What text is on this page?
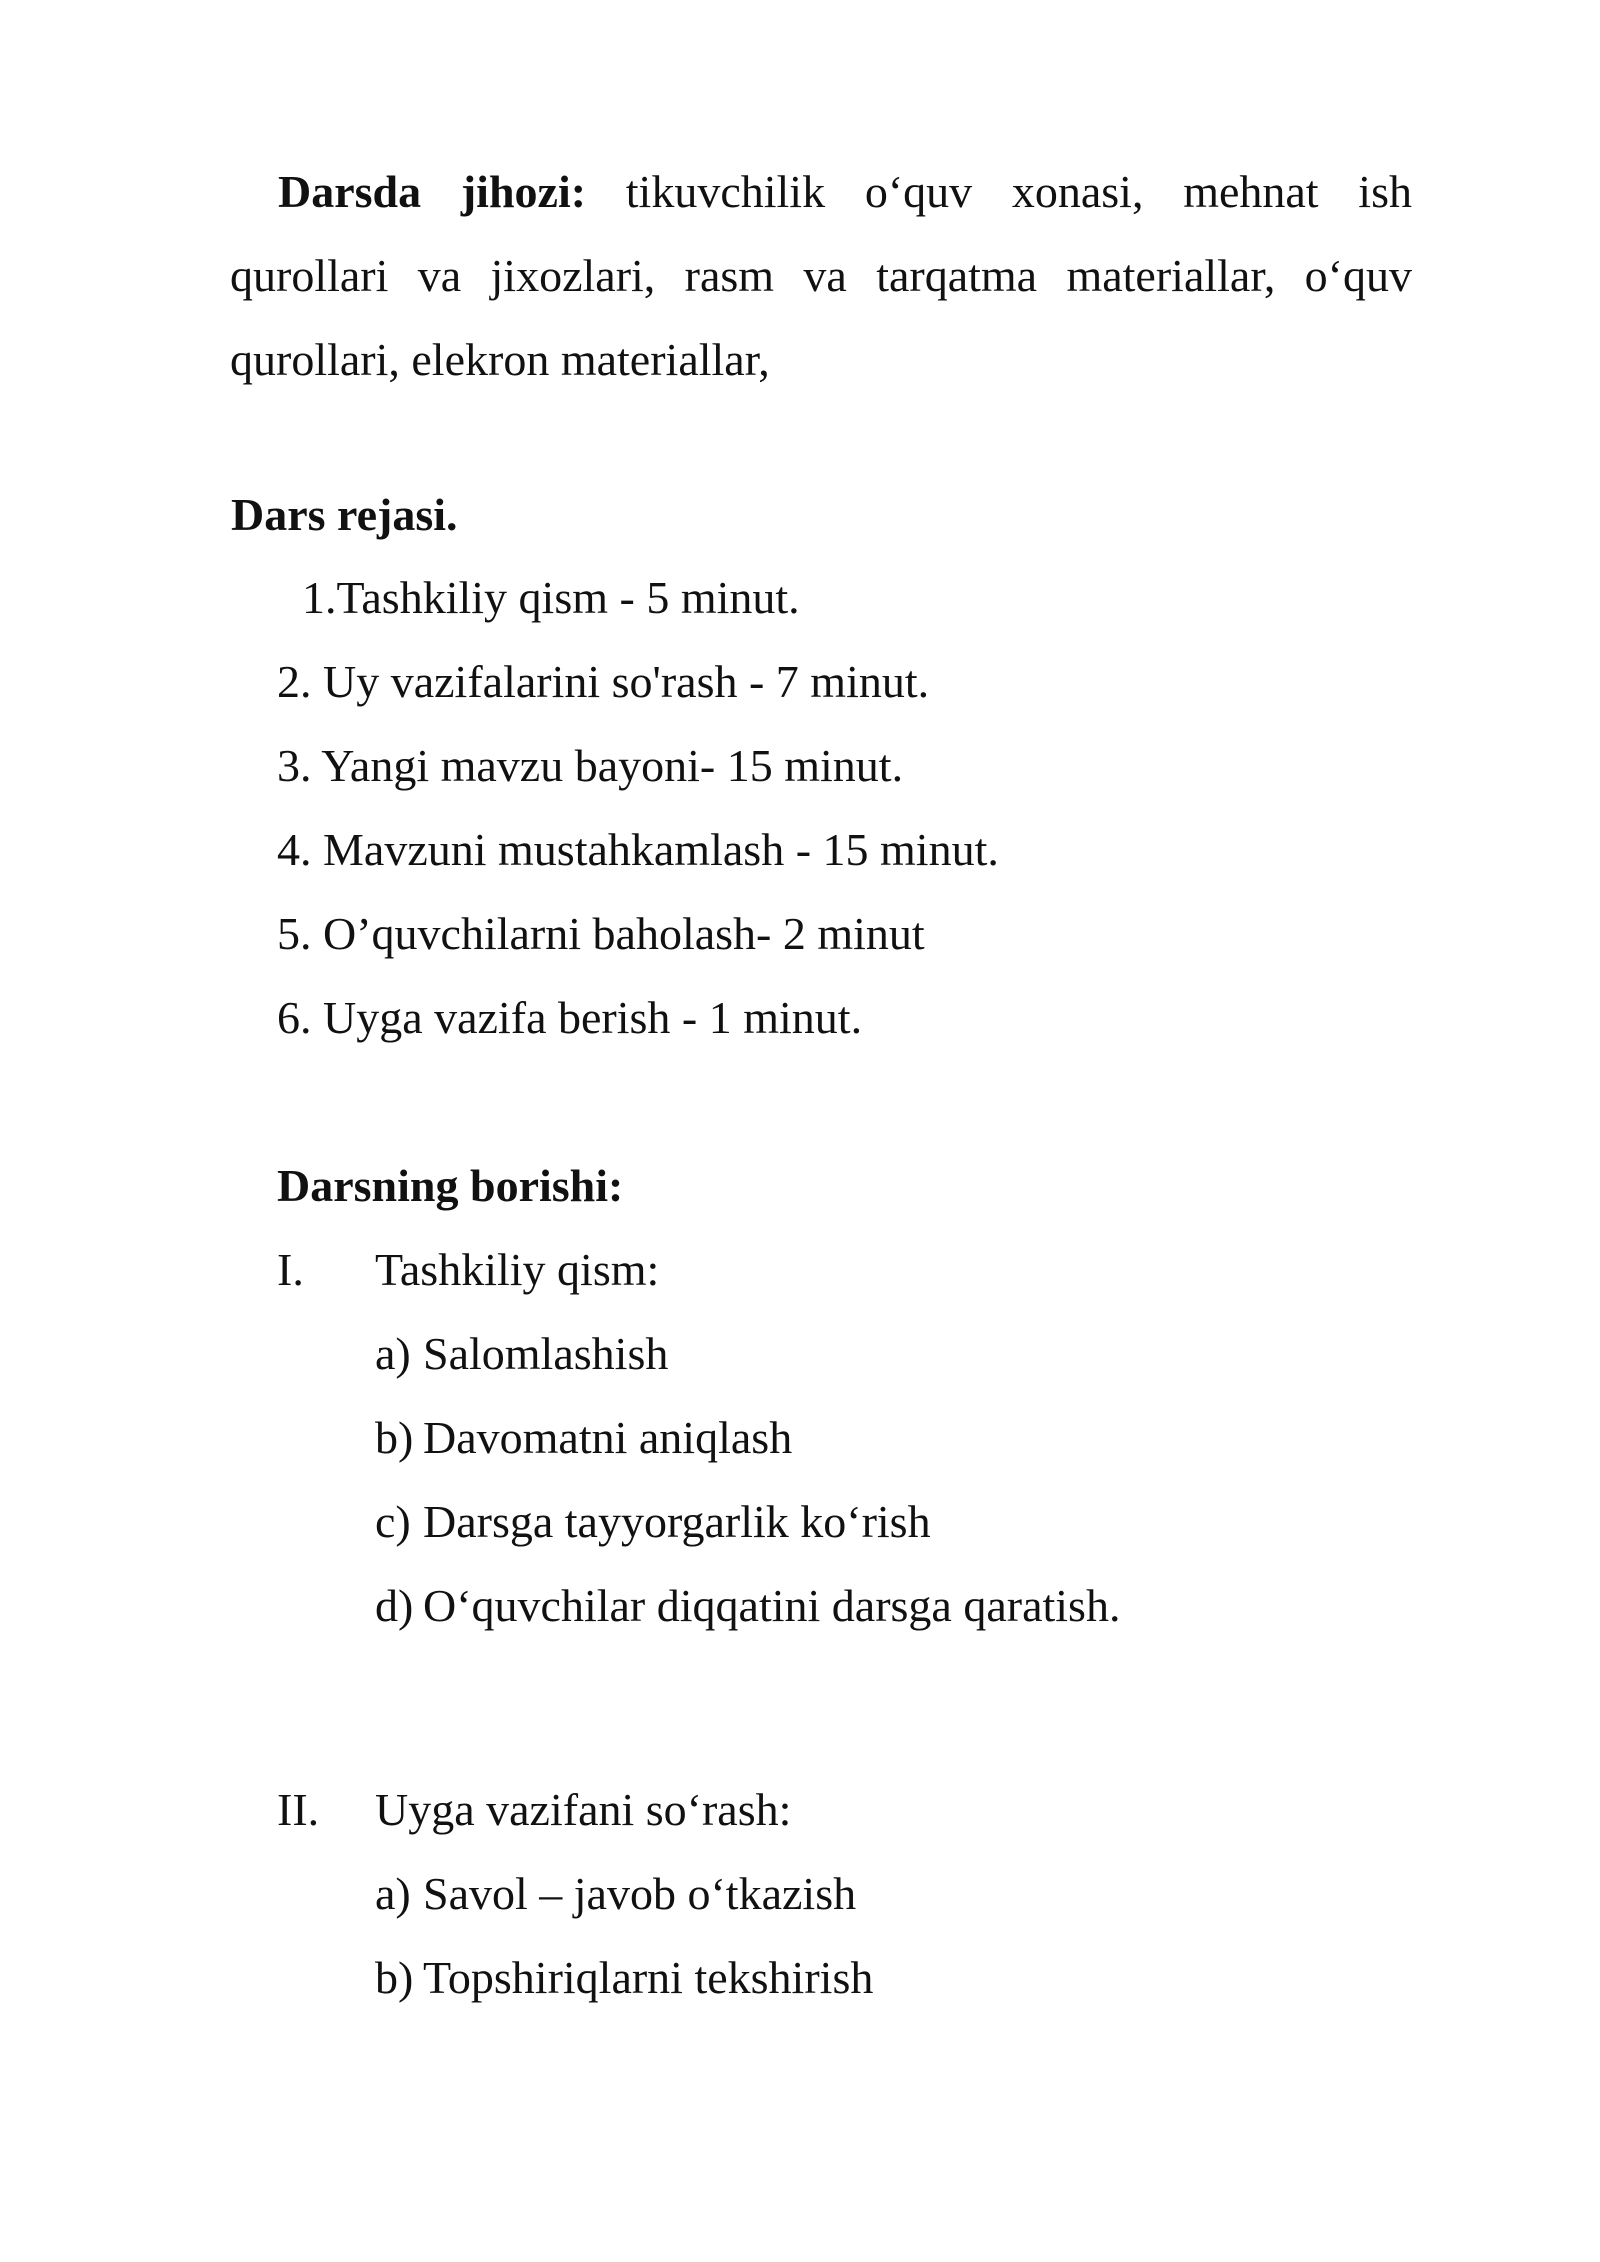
Darsda jihozi: tikuvchilik o‘quv xonasi, mehnat ish qurollari va jixozlari, rasm va tarqatma materiallar, o‘quv qurollari, elekron materiallar,
Dars rejasi.
1.Tashkiliy qism - 5 minut.
2. Uy vazifalarini so'rash - 7 minut.
3. Yangi mavzu bayoni- 15 minut.
4. Mavzuni mustahkamlash - 15 minut.
5. O’quvchilarni baholash- 2 minut
6. Uyga vazifa berish - 1 minut.
Darsning borishi:
I. Tashkiliy qism:
a) Salomlashish
b) Davomatni aniqlash
c) Darsga tayyorgarlik ko‘rish
d) O‘quvchilar diqqatini darsga qaratish.
II. Uyga vazifani so‘rash:
a) Savol – javob o‘tkazish
b) Topshiriqlarni tekshirish
